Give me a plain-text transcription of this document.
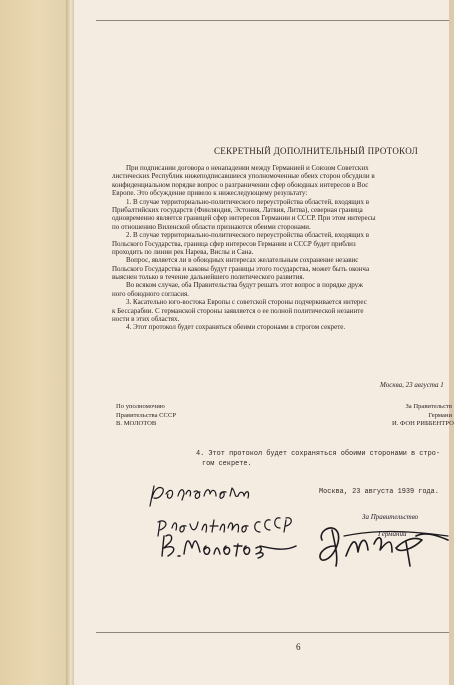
СЕКРЕТНЫЙ ДОПОЛНИТЕЛЬНЫЙ ПРОТОКОЛ
При подписании договора о ненападении между Германией и Союзом Советских
листических Республик нижеподписавшиеся уполномоченные обеих сторон обсудили в
конфиденциальном порядке вопрос о разграничении сфер обоюдных интересов в Вос
Европе. Это обсуждение привело к нижеследующему результату:
1. В случае территориально-политического переустройства областей, входящих в
Прибалтийских государств (Финляндия, Эстония, Латвия, Литва), северная граница
одновременно является границей сфер интересов Германии и СССР. При этом интересы
по отношению Виленской области признаются обеими сторонами.
2. В случае территориально-политического переустройства областей, входящих в
Польского Государства, граница сфер интересов Германии и СССР будет приблиз
проходить по линии рек Нарева, Вислы и Сана.
Вопрос, является ли в обоюдных интересах желательным сохранение независ
Польского Государства и каковы будут границы этого государства, может быть оконча
выяснен только в течение дальнейшего политического развития.
Во всяком случае, оба Правительства будут решать этот вопрос в порядке друж
ного обоюдного согласия.
3. Касательно юго-востока Европы с советской стороны подчеркивается интерес
к Бессарабии. С германской стороны заявляется о ее полной политической незаинте
ности в этих областях.
4. Этот протокол будет сохраняться обеими сторонами в строгом секрете.
Москва, 23 августа 1
По уполномочию
Правительства СССР
В. МОЛОТОВ
За Правительств
Германи
И. ФОН РИББЕНТРО
4. Этот протокол будет сохраняться обоими сторонами в стро-
гом секрете.
Москва, 23 августа 1939 года.
За Правительство
Германии
6
